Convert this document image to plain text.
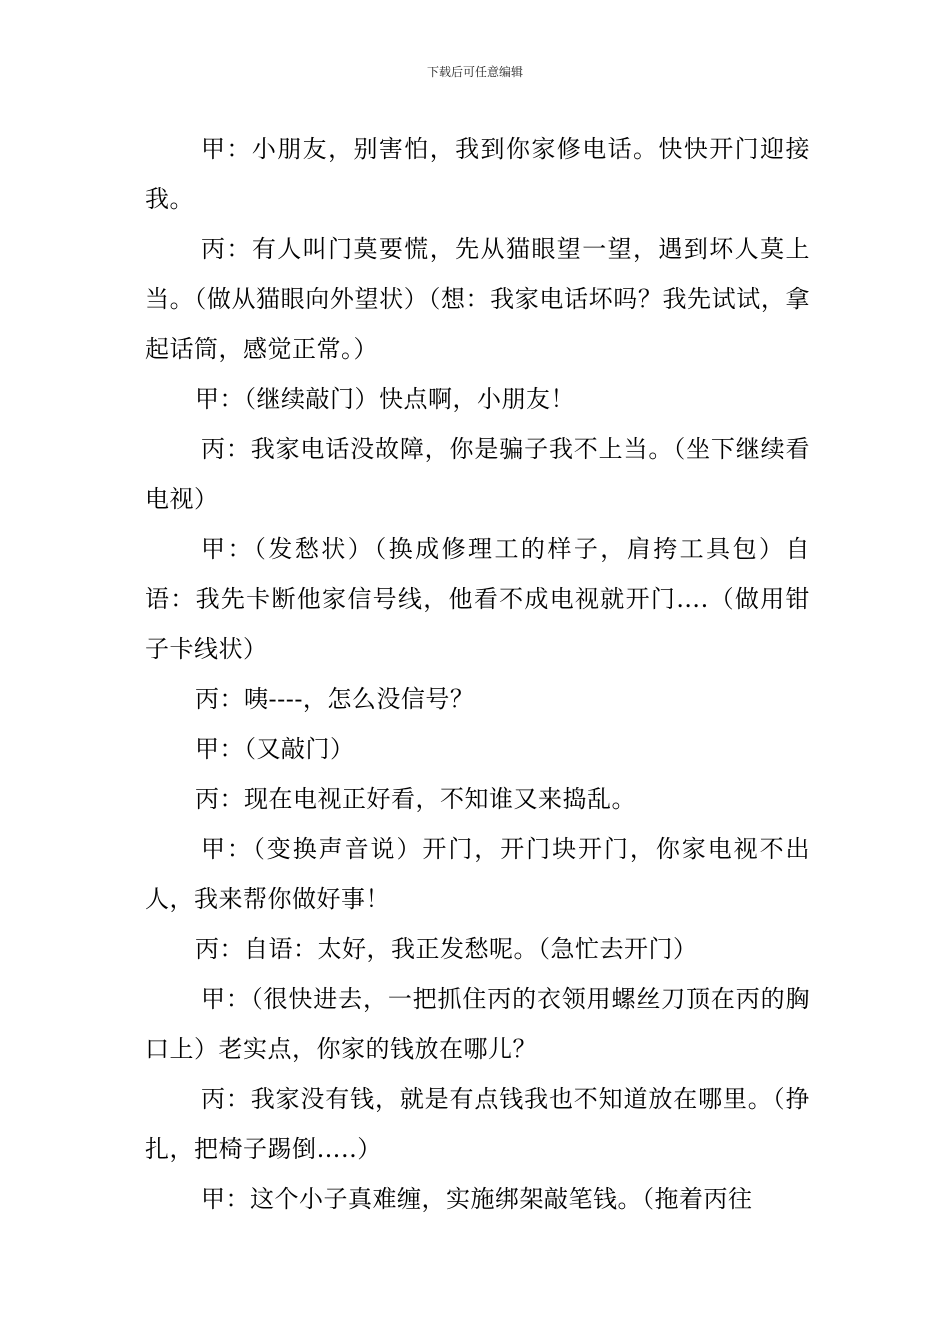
下载后可任意编辑

甲：小朋友，别害怕，我到你家修电话。快快开门迎接我。

丙：有人叫门莫要慌，先从猫眼望一望，遇到坏人莫上当。（做从猫眼向外望状）（想：我家电话坏吗？我先试试，拿起话筒，感觉正常。）

甲：（继续敲门）快点啊，小朋友！

丙：我家电话没故障，你是骗子我不上当。（坐下继续看电视）

甲：（发愁状）（换成修理工的样子，肩挎工具包）自语：我先卡断他家信号线，他看不成电视就开门….（做用钳子卡线状）

丙：咦----，怎么没信号？

甲：（又敲门）

丙：现在电视正好看，不知谁又来捣乱。

甲：（变换声音说）开门，开门块开门，你家电视不出人，我来帮你做好事！

丙：自语：太好，我正发愁呢。（急忙去开门）

甲：（很快进去，一把抓住丙的衣领用螺丝刀顶在丙的胸口上）老实点，你家的钱放在哪儿？

丙：我家没有钱，就是有点钱我也不知道放在哪里。（挣扎，把椅子踢倒…..）

甲：这个小子真难缠，实施绑架敲笔钱。（拖着丙往
